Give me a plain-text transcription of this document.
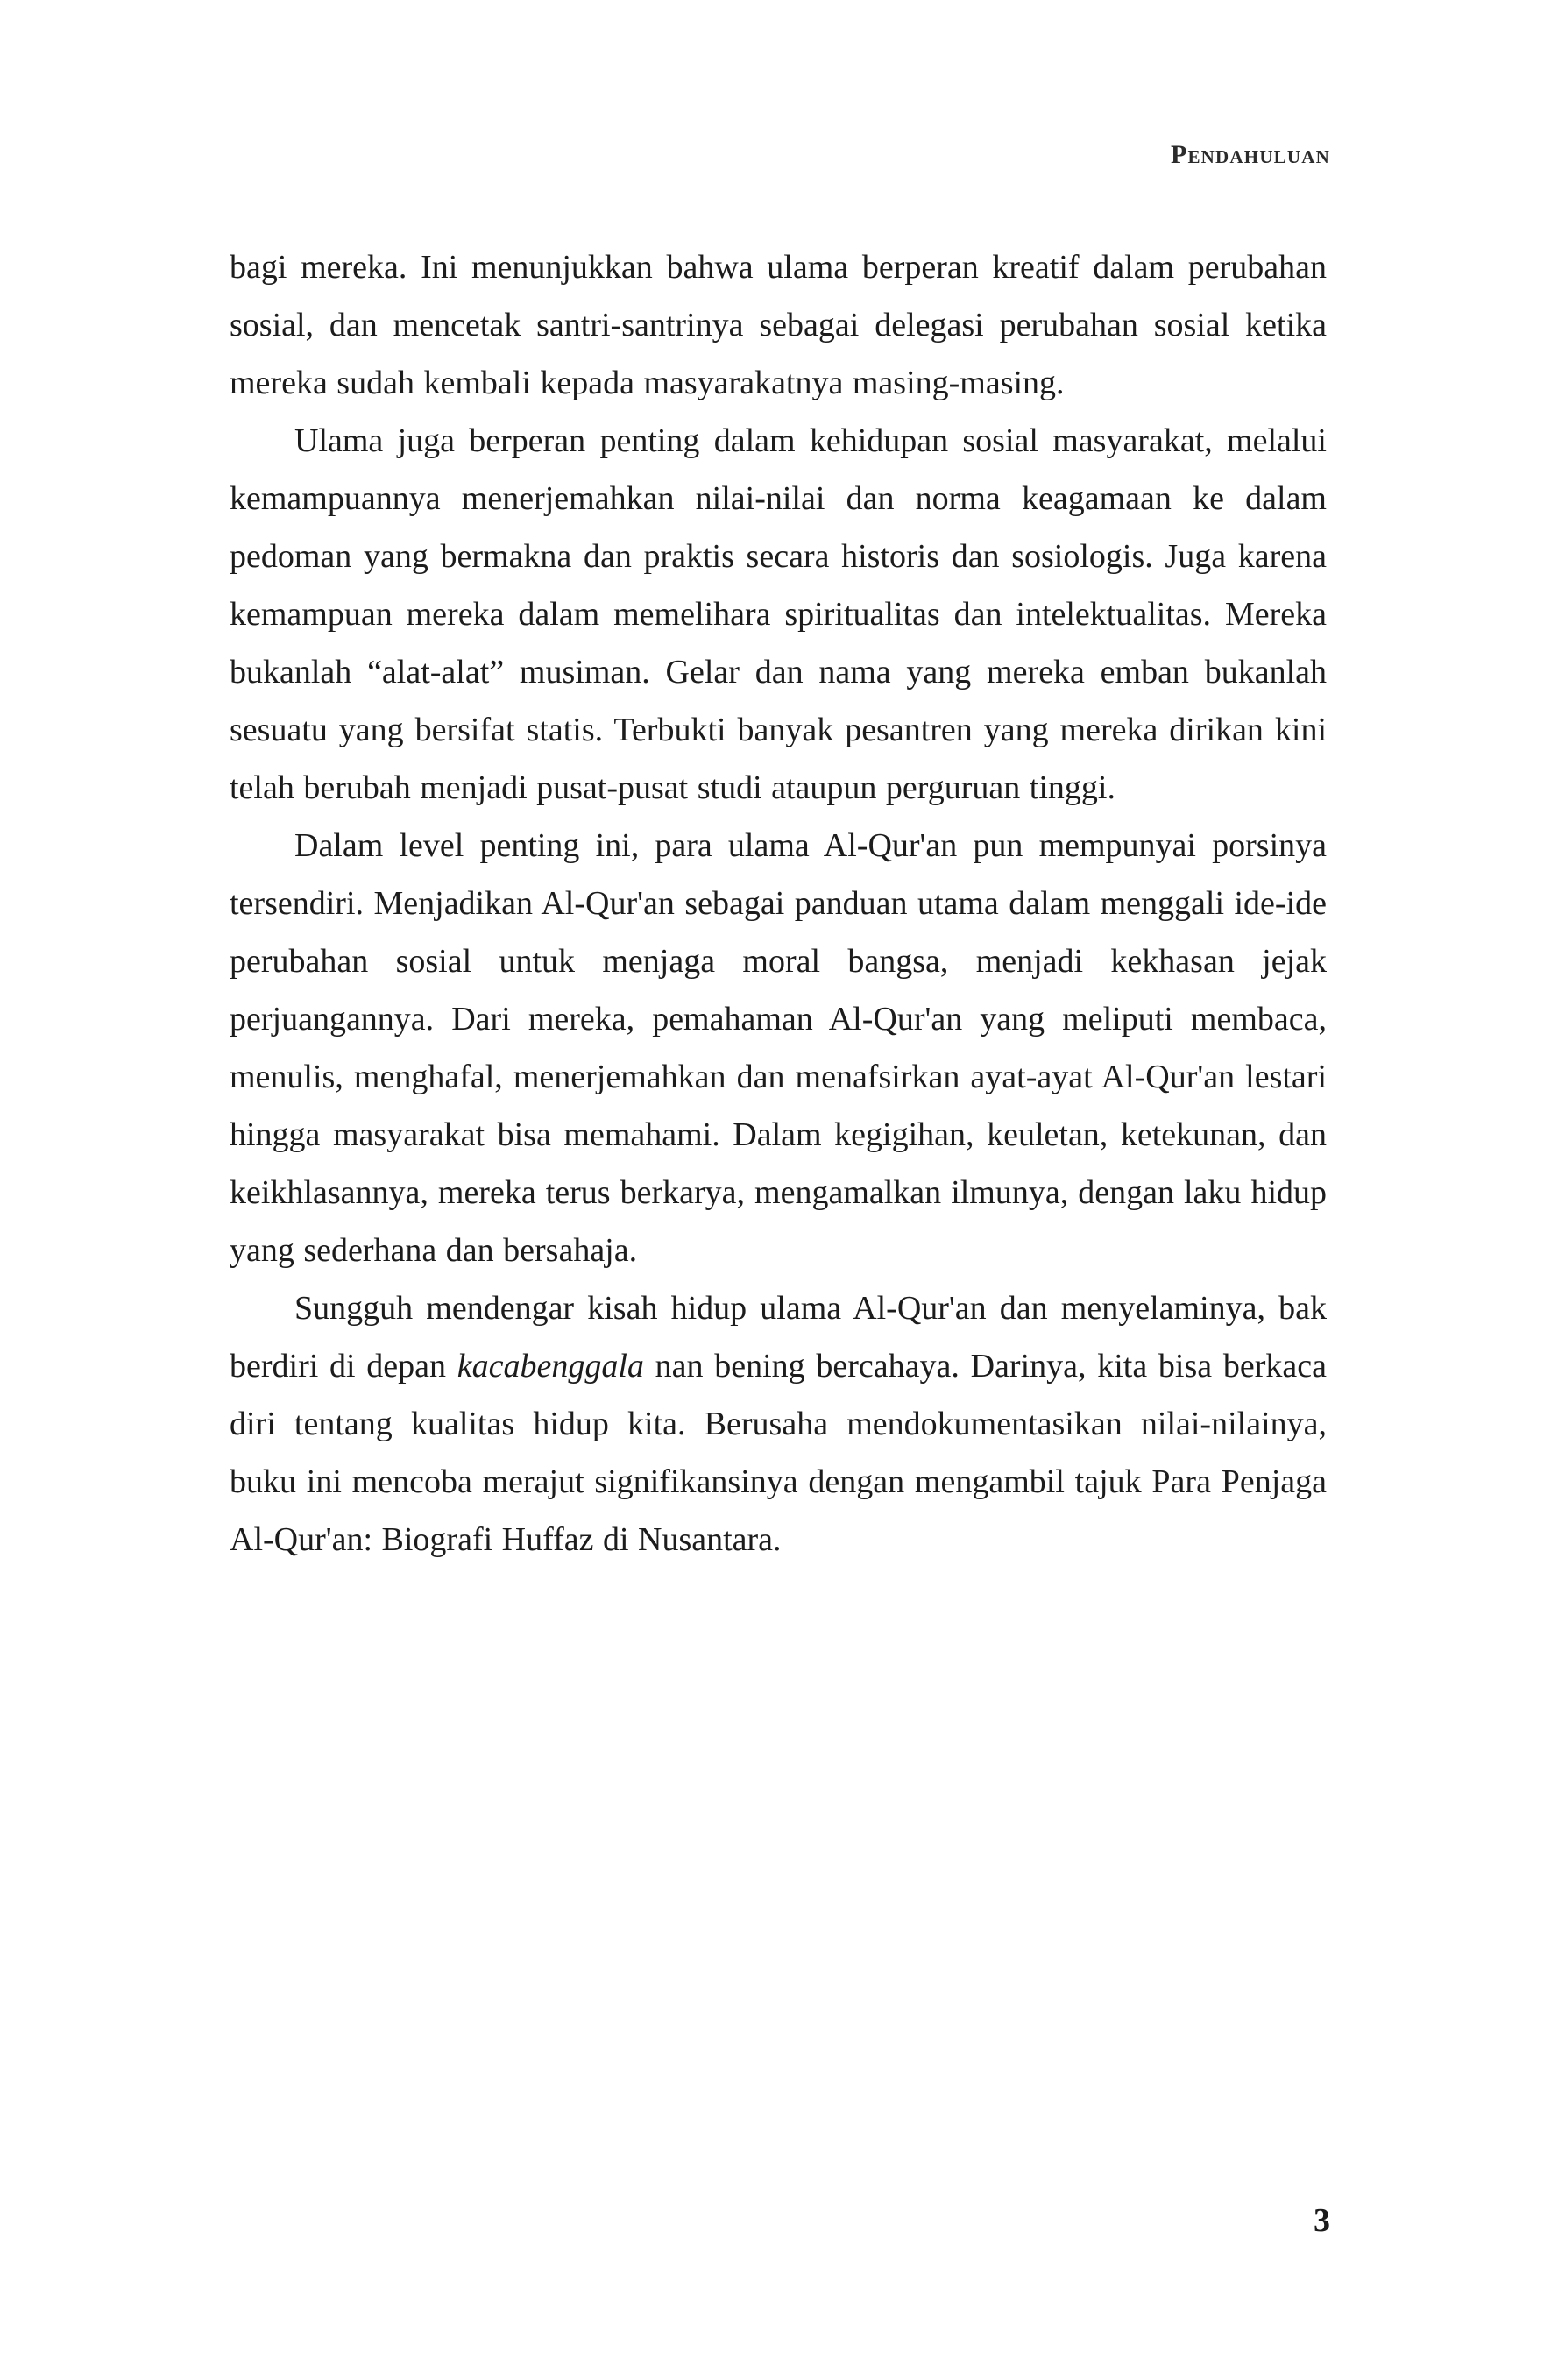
Pendahuluan

bagi mereka. Ini menunjukkan bahwa ulama berperan kreatif dalam perubahan sosial, dan mencetak santri-santrinya sebagai delegasi perubahan sosial ketika mereka sudah kembali kepada masyarakatnya masing-masing.

Ulama juga berperan penting dalam kehidupan sosial masyarakat, melalui kemampuannya menerjemahkan nilai-nilai dan norma keagamaan ke dalam pedoman yang bermakna dan praktis secara historis dan sosiologis. Juga karena kemampuan mereka dalam memelihara spiritualitas dan intelektualitas. Mereka bukanlah “alat-alat” musiman. Gelar dan nama yang mereka emban bukanlah sesuatu yang bersifat statis. Terbukti banyak pesantren yang mereka dirikan kini telah berubah menjadi pusat-pusat studi ataupun perguruan tinggi.

Dalam level penting ini, para ulama Al-Qur'an pun mempunyai porsinya tersendiri. Menjadikan Al-Qur'an sebagai panduan utama dalam menggali ide-ide perubahan sosial untuk menjaga moral bangsa, menjadi kekhasan jejak perjuangannya. Dari mereka, pemahaman Al-Qur'an yang meliputi membaca, menulis, menghafal, menerjemahkan dan menafsirkan ayat-ayat Al-Qur'an lestari hingga masyarakat bisa memahami. Dalam kegigihan, keuletan, ketekunan, dan keikhlasannya, mereka terus berkarya, mengamalkan ilmunya, dengan laku hidup yang sederhana dan bersahaja.

Sungguh mendengar kisah hidup ulama Al-Qur'an dan menyelaminya, bak berdiri di depan kacabenggala nan bening bercahaya. Darinya, kita bisa berkaca diri tentang kualitas hidup kita. Berusaha mendokumentasikan nilai-nilainya, buku ini mencoba merajut signifikansinya dengan mengambil tajuk Para Penjaga Al-Qur'an: Biografi Huffaz di Nusantara.

3
